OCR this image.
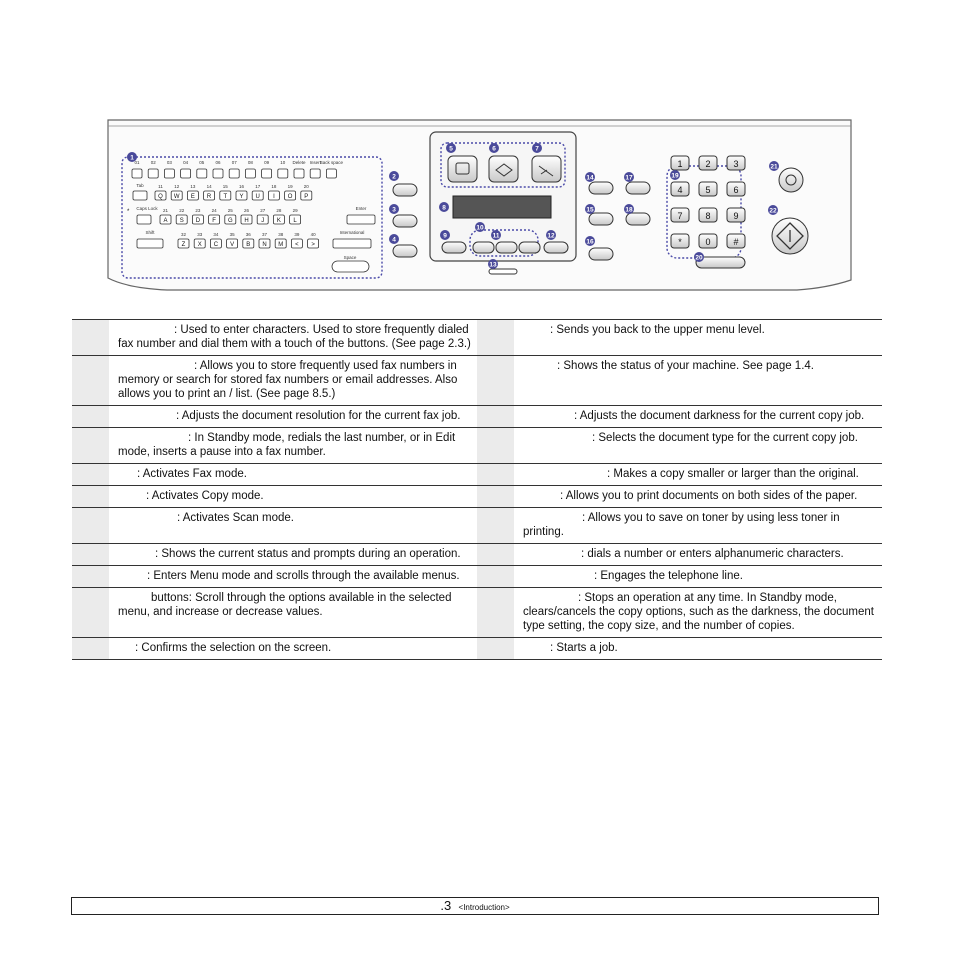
01 02 03 04 05 06 07 08 09 10 Delete Insert
Back space
Tab	11
Q
12
W
13
E
14
R
15
T
16
Y
17
U
18
I
19
O
20
P
*
Caps Lock 21
A
22
S
23
D
24
F
25
G
26
H
27
J
28
K
29
L
Enter
Shift	32
Z
33
X
34
C
35
V
36
B
37
N
38
M
39
<
40
>
International
Space
1	2	3
4	5	6
7	8	9
*	0	#
1
2
3
4
5	6	7
8
9
10
11	12
13
14
15
16
17
18
19
20
21
22
	: Used to enter characters. Used to store frequently dialed fax number and dial them with a touch of the buttons. (See page 2.3.)		: Sends you back to the upper menu level.
	: Allows you to store frequently used fax numbers in memory or search for stored fax numbers or email addresses. Also allows you to print an / list. (See page 8.5.)		: Shows the status of your machine. See page 1.4.
	: Adjusts the document resolution for the current fax job.		: Adjusts the document darkness for the current copy job.
	: In Standby mode, redials the last number, or in Edit mode, inserts a pause into a fax number.		: Selects the document type for the current copy job.
	: Activates Fax mode.		: Makes a copy smaller or larger than the original.
	: Activates Copy mode.		: Allows you to print documents on both sides of the paper.
	: Activates Scan mode.		: Allows you to save on toner by using less toner in printing.
	: Shows the current status and prompts during an operation.		: dials a number or enters alphanumeric characters.
	: Enters Menu mode and scrolls through the available menus.		: Engages the telephone line.
	buttons: Scroll through the options available in the selected menu, and increase or decrease values.		: Stops an operation at any time. In Standby mode, clears/cancels the copy options, such as the darkness, the document type setting, the copy size, and the number of copies.
	: Confirms the selection on the screen.		: Starts a job.
.3 <Introduction>
